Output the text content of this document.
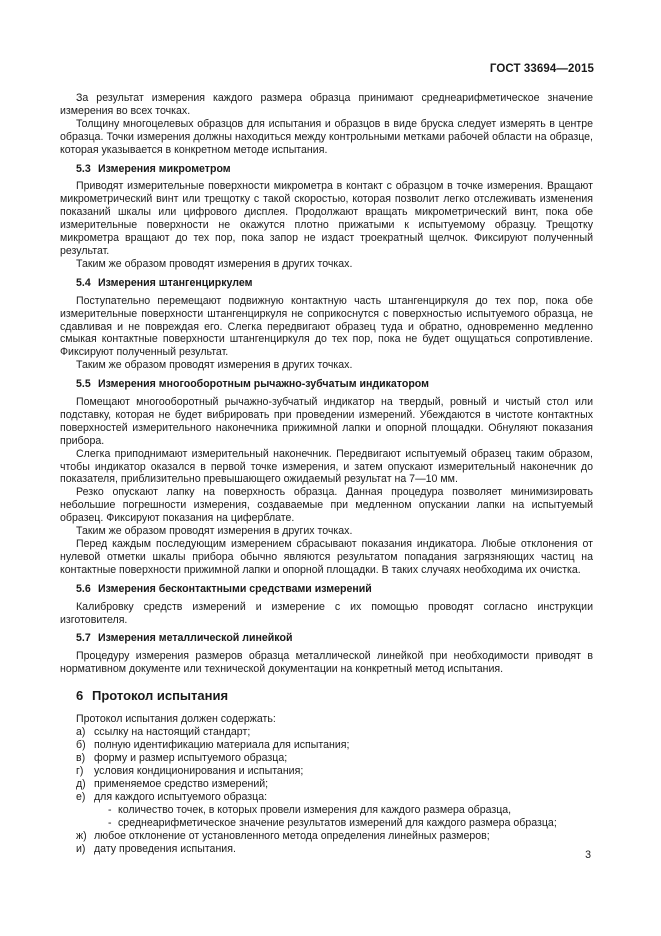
ГОСТ 33694—2015

За результат измерения каждого размера образца принимают среднеарифметическое значение измерения во всех точках.

Толщину многоцелевых образцов для испытания и образцов в виде бруска следует измерять в центре образца. Точки измерения должны находиться между контрольными метками рабочей области на образце, которая указывается в конкретном методе испытания.

5.3 Измерения микрометром

Приводят измерительные поверхности микрометра в контакт с образцом в точке измерения. Вращают микрометрический винт или трещотку с такой скоростью, которая позволит легко отслеживать изменения показаний шкалы или цифрового дисплея. Продолжают вращать микрометрический винт, пока обе измерительные поверхности не окажутся плотно прижатыми к испытуемому образцу. Трещотку микрометра вращают до тех пор, пока запор не издаст троекратный щелчок. Фиксируют полученный результат.

Таким же образом проводят измерения в других точках.

5.4 Измерения штангенциркулем

Поступательно перемещают подвижную контактную часть штангенциркуля до тех пор, пока обе измерительные поверхности штангенциркуля не соприкоснутся с поверхностью испытуемого образца, не сдавливая и не повреждая его. Слегка передвигают образец туда и обратно, одновременно медленно смыкая контактные поверхности штангенциркуля до тех пор, пока не будет ощущаться сопротивление. Фиксируют полученный результат.

Таким же образом проводят измерения в других точках.

5.5 Измерения многооборотным рычажно-зубчатым индикатором

Помещают многооборотный рычажно-зубчатый индикатор на твердый, ровный и чистый стол или подставку, которая не будет вибрировать при проведении измерений. Убеждаются в чистоте контактных поверхностей измерительного наконечника прижимной лапки и опорной площадки. Обнуляют показания прибора.

Слегка приподнимают измерительный наконечник. Передвигают испытуемый образец таким образом, чтобы индикатор оказался в первой точке измерения, и затем опускают измерительный наконечник до показателя, приблизительно превышающего ожидаемый результат на 7—10 мм.

Резко опускают лапку на поверхность образца. Данная процедура позволяет минимизировать небольшие погрешности измерения, создаваемые при медленном опускании лапки на испытуемый образец. Фиксируют показания на циферблате.

Таким же образом проводят измерения в других точках.

Перед каждым последующим измерением сбрасывают показания индикатора. Любые отклонения от нулевой отметки шкалы прибора обычно являются результатом попадания загрязняющих частиц на контактные поверхности прижимной лапки и опорной площадки. В таких случаях необходима их очистка.

5.6 Измерения бесконтактными средствами измерений

Калибровку средств измерений и измерение с их помощью проводят согласно инструкции изготовителя.

5.7 Измерения металлической линейкой

Процедуру измерения размеров образца металлической линейкой при необходимости приводят в нормативном документе или технической документации на конкретный метод испытания.

6 Протокол испытания

Протокол испытания должен содержать:

а) ссылку на настоящий стандарт;
б) полную идентификацию материала для испытания;
в) форму и размер испытуемого образца;
г) условия кондиционирования и испытания;
д) применяемое средство измерений;
е) для каждого испытуемого образца:
- количество точек, в которых провели измерения для каждого размера образца,
- среднеарифметическое значение результатов измерений для каждого размера образца;
ж) любое отклонение от установленного метода определения линейных размеров;
и) дату проведения испытания.
3
